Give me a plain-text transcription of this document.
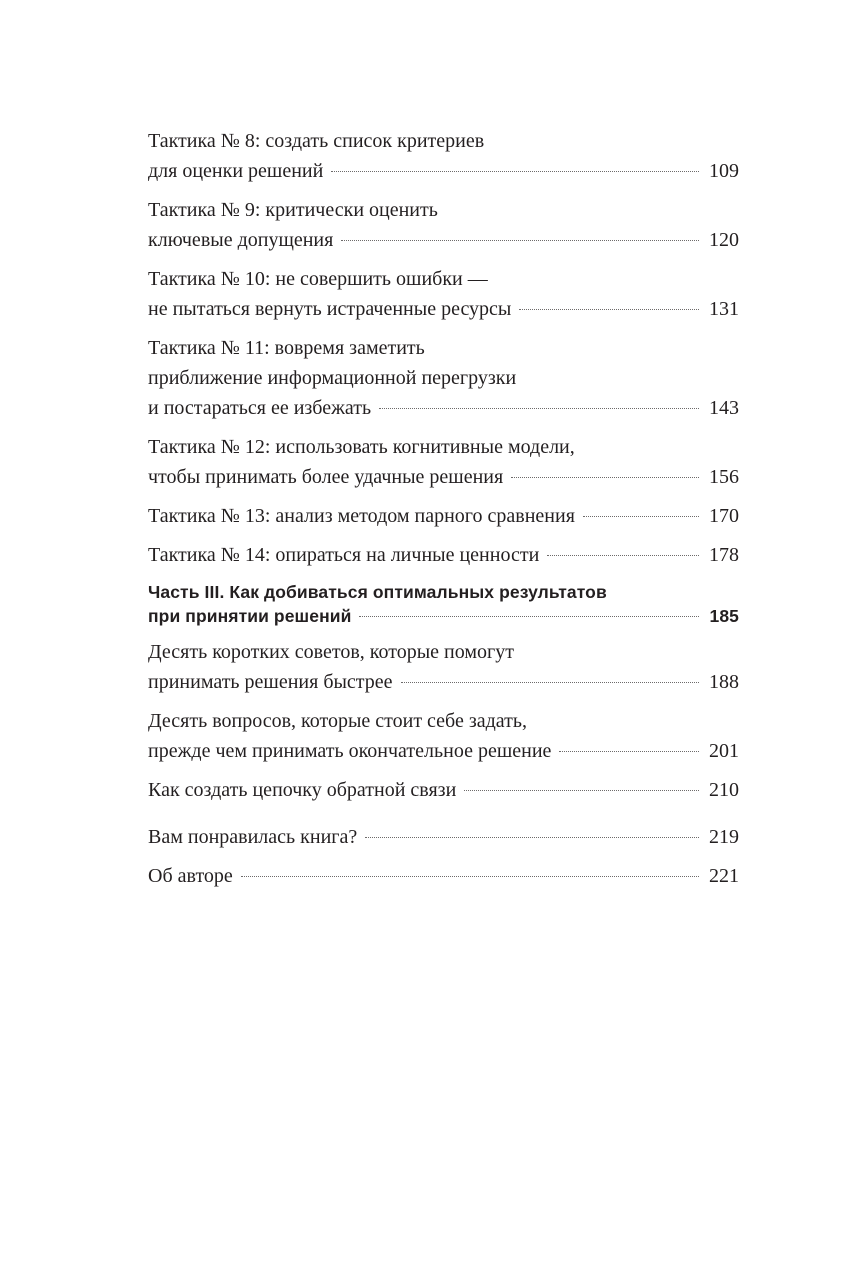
Тактика № 8: создать список критериев
для оценки решений	109
Тактика № 9: критически оценить
ключевые допущения	120
Тактика № 10: не совершить ошибки —
не пытаться вернуть истраченные ресурсы	131
Тактика № 11: вовремя заметить
приближение информационной перегрузки
и постараться ее избежать	143
Тактика № 12: использовать когнитивные модели,
чтобы принимать более удачные решения	156
Тактика № 13: анализ методом парного сравнения	170
Тактика № 14: опираться на личные ценности	178
Часть III. Как добиваться оптимальных результатов
при принятии решений	185
Десять коротких советов, которые помогут
принимать решения быстрее	188
Десять вопросов, которые стоит себе задать,
прежде чем принимать окончательное решение	201
Как создать цепочку обратной связи	210
Вам понравилась книга?	219
Об авторе	221
